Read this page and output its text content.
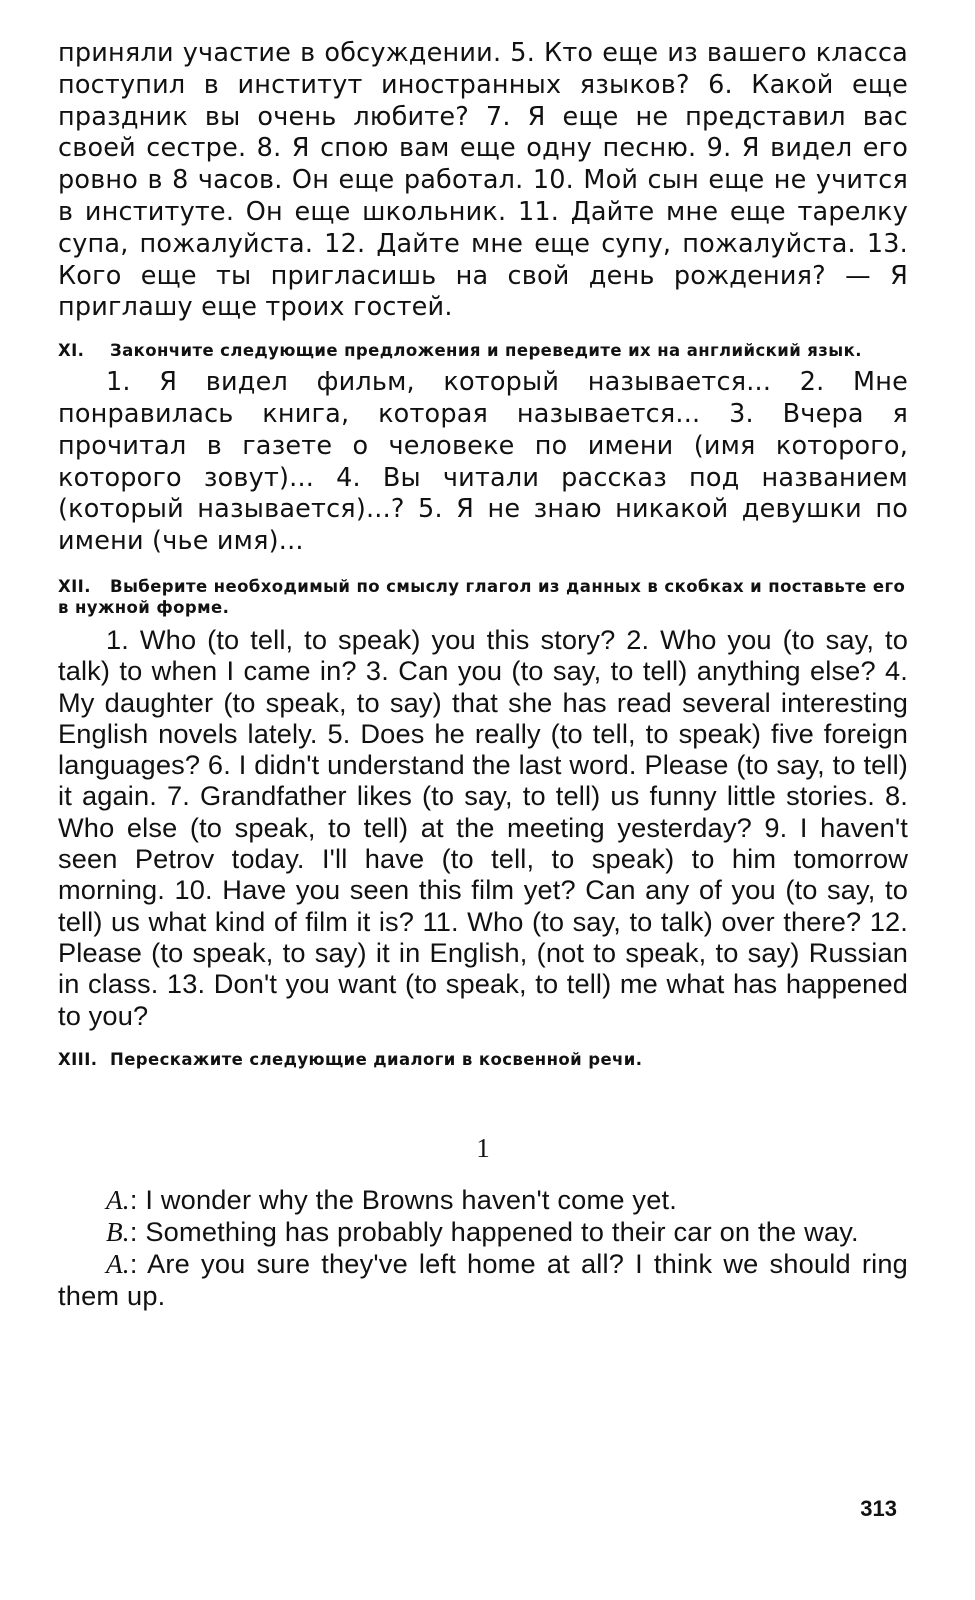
приняли участие в обсуждении. 5. Кто еще из вашего класса поступил в институт иностранных языков? 6. Какой еще праздник вы очень любите? 7. Я еще не представил вас своей сестре. 8. Я спою вам еще одну песню. 9. Я видел его ровно в 8 часов. Он еще работал. 10. Мой сын еще не учится в институте. Он еще школьник. 11. Дайте мне еще тарелку супа, пожалуйста. 12. Дайте мне еще супу, пожалуйста. 13. Кого еще ты пригласишь на свой день рождения? — Я приглашу еще троих гостей.

XI. Закончите следующие предложения и переведите их на английский язык.

1. Я видел фильм, который называется... 2. Мне понравилась книга, которая называется... 3. Вчера я прочитал в газете о человеке по имени (имя которого, которого зовут)... 4. Вы читали рассказ под названием (который называется)...? 5. Я не знаю никакой девушки по имени (чье имя)...

XII. Выберите необходимый по смыслу глагол из данных в скобках и поставьте его в нужной форме.

1. Who (to tell, to speak) you this story? 2. Who you (to say, to talk) to when I came in? 3. Can you (to say, to tell) anything else? 4. My daughter (to speak, to say) that she has read several interesting English novels lately. 5. Does he really (to tell, to speak) five foreign languages? 6. I didn't understand the last word. Please (to say, to tell) it again. 7. Grandfather likes (to say, to tell) us funny little stories. 8. Who else (to speak, to tell) at the meeting yesterday? 9. I haven't seen Petrov today. I'll have (to tell, to speak) to him tomorrow morning. 10. Have you seen this film yet? Can any of you (to say, to tell) us what kind of film it is? 11. Who (to say, to talk) over there? 12. Please (to speak, to say) it in English, (not to speak, to say) Russian in class. 13. Don't you want (to speak, to tell) me what has happened to you?

XIII. Перескажите следующие диалоги в косвенной речи.
1

A.: I wonder why the Browns haven't come yet.

B.: Something has probably happened to their car on the way.

A.: Are you sure they've left home at all? I think we should ring them up.

313
